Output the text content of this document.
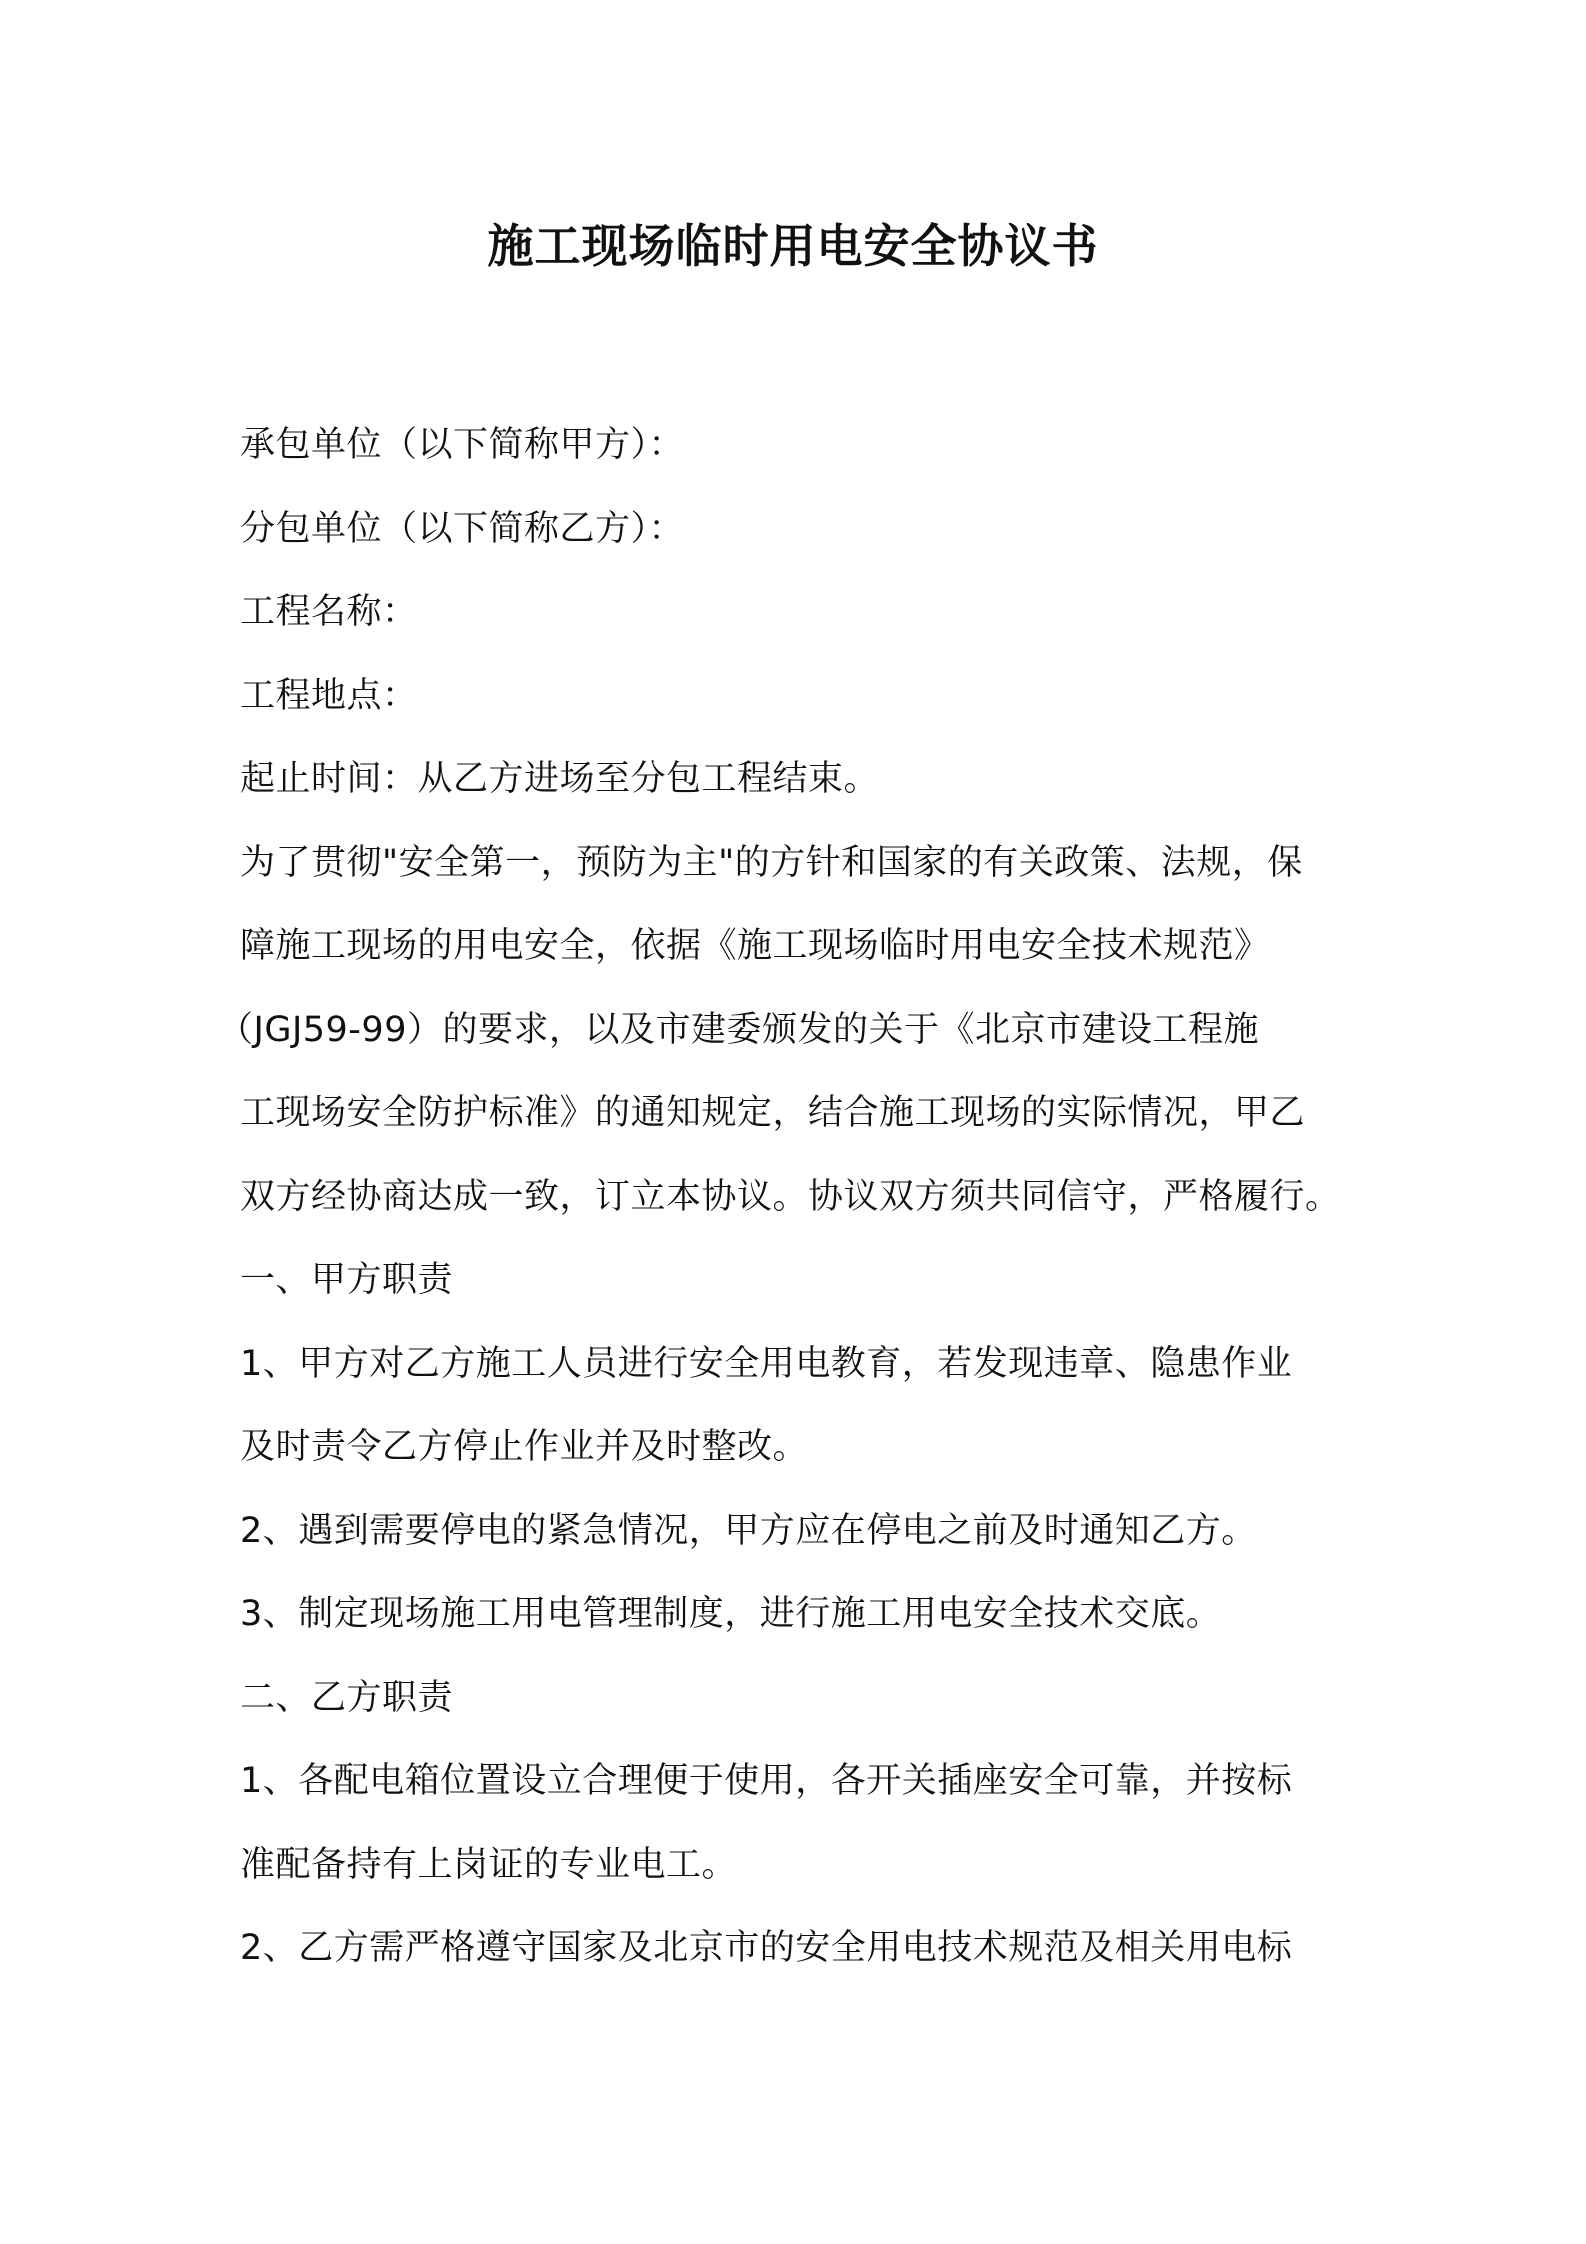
施工现场临时用电安全协议书
承包单位（以下简称甲方）：
分包单位（以下简称乙方）：
工程名称：
工程地点：
起止时间：从乙方进场至分包工程结束。
为了贯彻"安全第一，预防为主"的方针和国家的有关政策、法规，保
障施工现场的用电安全，依据《施工现场临时用电安全技术规范》
（JGJ59-99）的要求，以及市建委颁发的关于《北京市建设工程施
工现场安全防护标准》的通知规定，结合施工现场的实际情况，甲乙
双方经协商达成一致，订立本协议。协议双方须共同信守，严格履行。
一、甲方职责
1、甲方对乙方施工人员进行安全用电教育，若发现违章、隐患作业
及时责令乙方停止作业并及时整改。
2、遇到需要停电的紧急情况，甲方应在停电之前及时通知乙方。
3、制定现场施工用电管理制度，进行施工用电安全技术交底。
二、乙方职责
1、各配电箱位置设立合理便于使用，各开关插座安全可靠，并按标
准配备持有上岗证的专业电工。
2、乙方需严格遵守国家及北京市的安全用电技术规范及相关用电标
